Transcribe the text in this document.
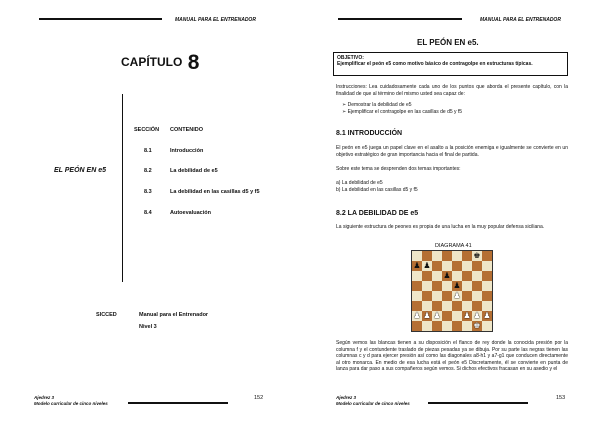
MANUAL PARA EL ENTRENADOR
CAPÍTULO 8
SECCIÓN CONTENIDO
8.1	Introducción
8.2	La debilidad de e5
8.3	La debilidad en las casillas d5 y f5
8.4	Autoevaluación
EL PEÓN EN e5
SICCED	Manual para el Entrenador
Nivel 3
Ajedrez 3
Modelo curricular de cinco niveles
152
MANUAL PARA EL ENTRENADOR
EL PEÓN EN e5.
OBJETIVO:
Ejemplificar el peón e5 como motivo básico de contragolpe en estructuras típicas.
Instrucciones: Lea cuidadosamente cada uno de los puntos que aborda el presente capítulo, con la finalidad de que al término del mismo usted sea capaz de:
➢ Demostrar la debilidad de e5
➢ Ejemplificar el contragolpe en las casillas de d5 y f5
8.1 INTRODUCCIÓN
El peón en e5 juega un papel clave en el asalto a la posición enemiga e igualmente se convierte en un objetivo estratégico de gran importancia hacia el final de partida.
Sobre este tema se desprenden dos temas importantes:
a) La debilidad de e5
b) La debilidad en las casillas d5 y f5
8.2 LA DEBILIDAD DE e5
La siguiente estructura de peones es propia de una lucha en la muy popular defensa siciliana.
DIAGRAMA 41
♚
♟ ♟
♟
♟
♟
♟ ♟ ♟	♟ ♟ ♟
♚
Según vemos las blancas tienen a su disposición el flanco de rey donde la conocida presión por la columna f y el contundente traslado de piezas pesadas ya se dibuja. Por su parte las negras tienen las columnas c y d para ejercer presión así como las diagonales a8-h1 y a7-g1 que conducen directamente al otro monarca. En medio de esa lucha está el peón e5 Discretamente, él se convierte en punta de lanza para dar paso a sus compañeros según vemos. Si dichos efectivos fracasan en su asedio y el
Ajedrez 3
Modelo curricular de cinco niveles
153
